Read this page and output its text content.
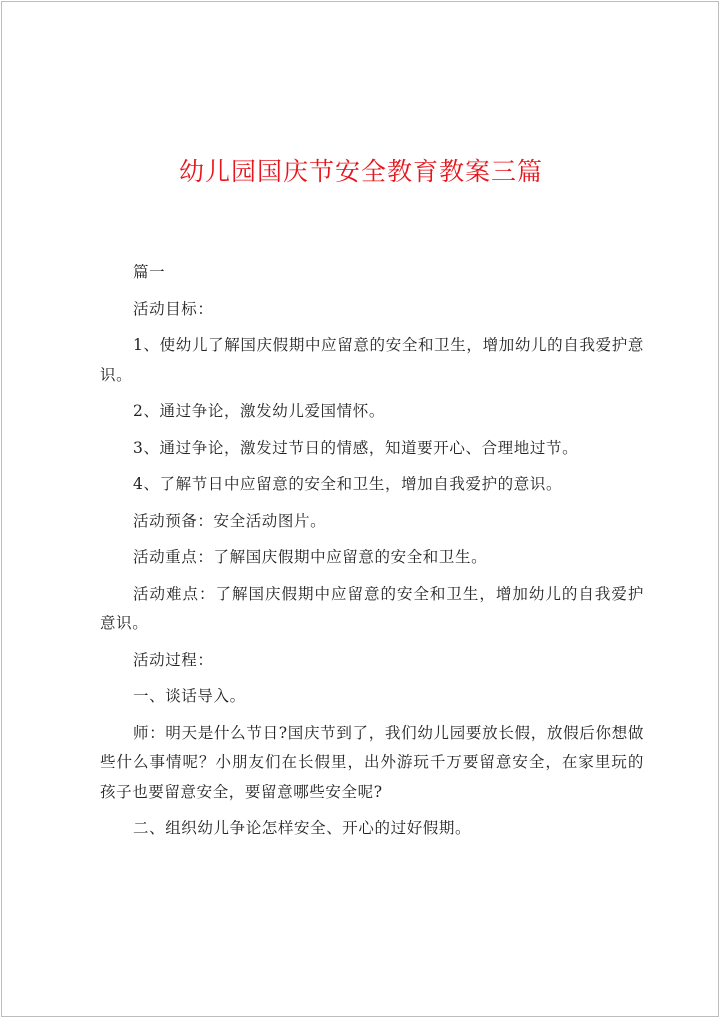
幼儿园国庆节安全教育教案三篇

篇一

活动目标：

1、使幼儿了解国庆假期中应留意的安全和卫生，增加幼儿的自我爱护意识。

2、通过争论，激发幼儿爱国情怀。

3、通过争论，激发过节日的情感，知道要开心、合理地过节。

4、了解节日中应留意的安全和卫生，增加自我爱护的意识。

活动预备：安全活动图片。

活动重点：了解国庆假期中应留意的安全和卫生。

活动难点：了解国庆假期中应留意的安全和卫生，增加幼儿的自我爱护意识。

活动过程：

一、谈话导入。

师：明天是什么节日?国庆节到了，我们幼儿园要放长假，放假后你想做些什么事情呢？小朋友们在长假里，出外游玩千万要留意安全，在家里玩的孩子也要留意安全，要留意哪些安全呢?

二、组织幼儿争论怎样安全、开心的过好假期。
